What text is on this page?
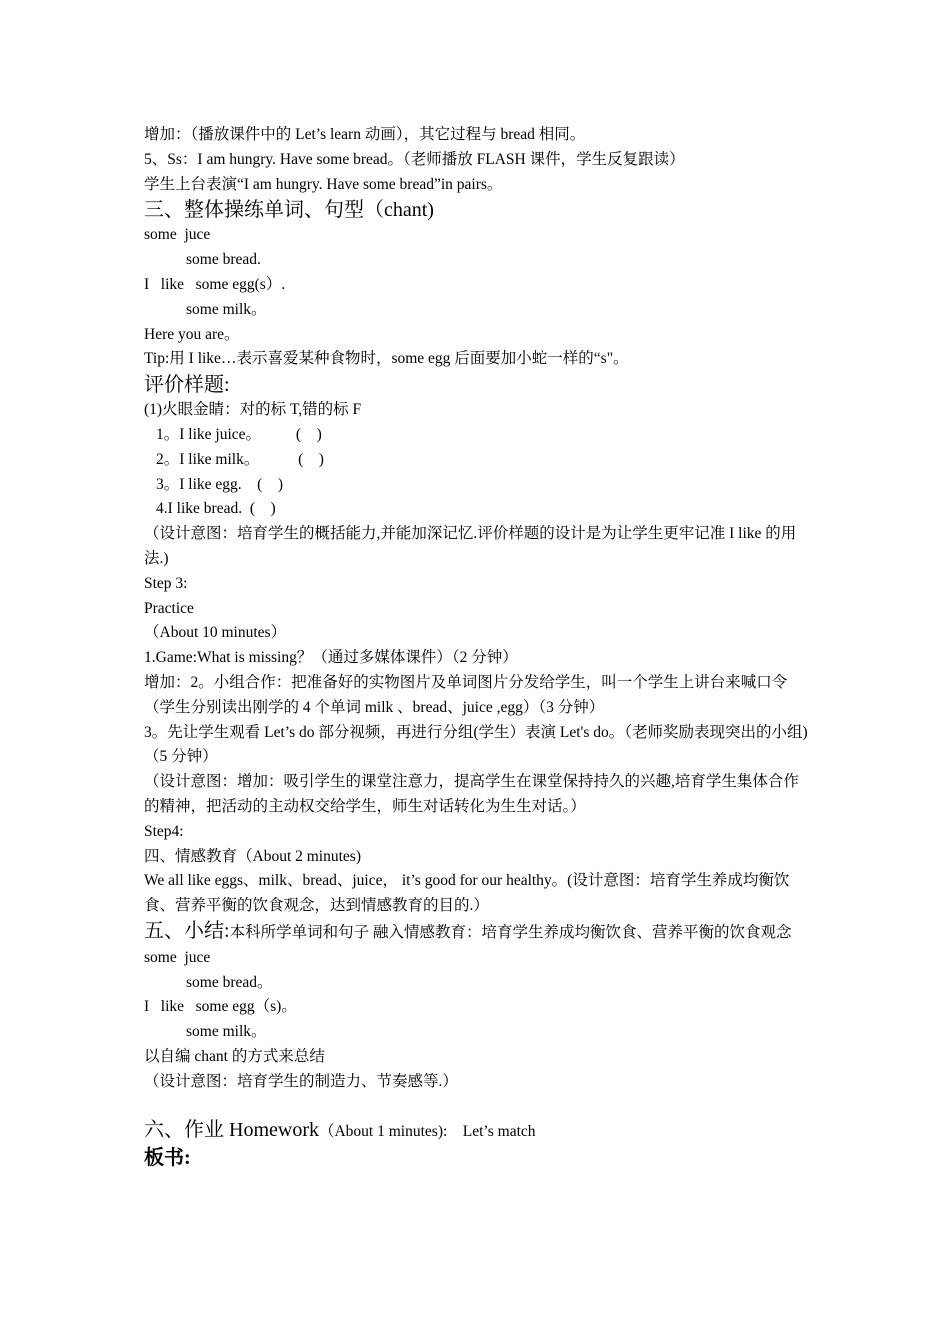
增加：（播放课件中的 Let’s learn 动画），其它过程与 bread 相同。

5、Ss：I am hungry. Have some bread。（老师播放 FLASH 课件，学生反复跟读）

学生上台表演“I am hungry. Have some bread”in pairs。

三、整体操练单词、句型（chant)

some  juce

some bread.

I   like   some egg(s）.

some milk。

Here you are。

Tip:用 I like…表示喜爱某种食物时，some egg 后面要加小蛇一样的“s"。

评价样题:

(1)火眼金睛：对的标 T,错的标 F

1。I like juice。         (    )

2。I like milk。          (    )

3。I like egg.    (    )

4.I like bread.  (    )

（设计意图：培育学生的概括能力,并能加深记忆.评价样题的设计是为让学生更牢记准 I like 的用法.)

Step 3:

Practice

（About 10 minutes）

1.Game:What is missing？（通过多媒体课件）（2 分钟）

增加：2。小组合作：把准备好的实物图片及单词图片分发给学生，叫一个学生上讲台来喊口令（学生分别读出刚学的 4 个单词 milk 、bread、juice ,egg）（3 分钟）

3。先让学生观看 Let’s do 部分视频，再进行分组(学生）表演 Let's do。（老师奖励表现突出的小组)

（5 分钟）

（设计意图：增加：吸引学生的课堂注意力，提高学生在课堂保持持久的兴趣,培育学生集体合作的精神，把活动的主动权交给学生，师生对话转化为生生对话。）

Step4:

四、情感教育（About 2 minutes)

We all like eggs、milk、bread、juice， it’s good for our healthy。(设计意图：培育学生养成均衡饮食、营养平衡的饮食观念，达到情感教育的目的.）

五、小结:本科所学单词和句子 融入情感教育：培育学生养成均衡饮食、营养平衡的饮食观念

some  juce

some bread。

I   like   some egg（s)。

some milk。

以自编 chant 的方式来总结

（设计意图：培育学生的制造力、节奏感等.）

六、作业 Homework（About 1 minutes):    Let’s match

板书:
